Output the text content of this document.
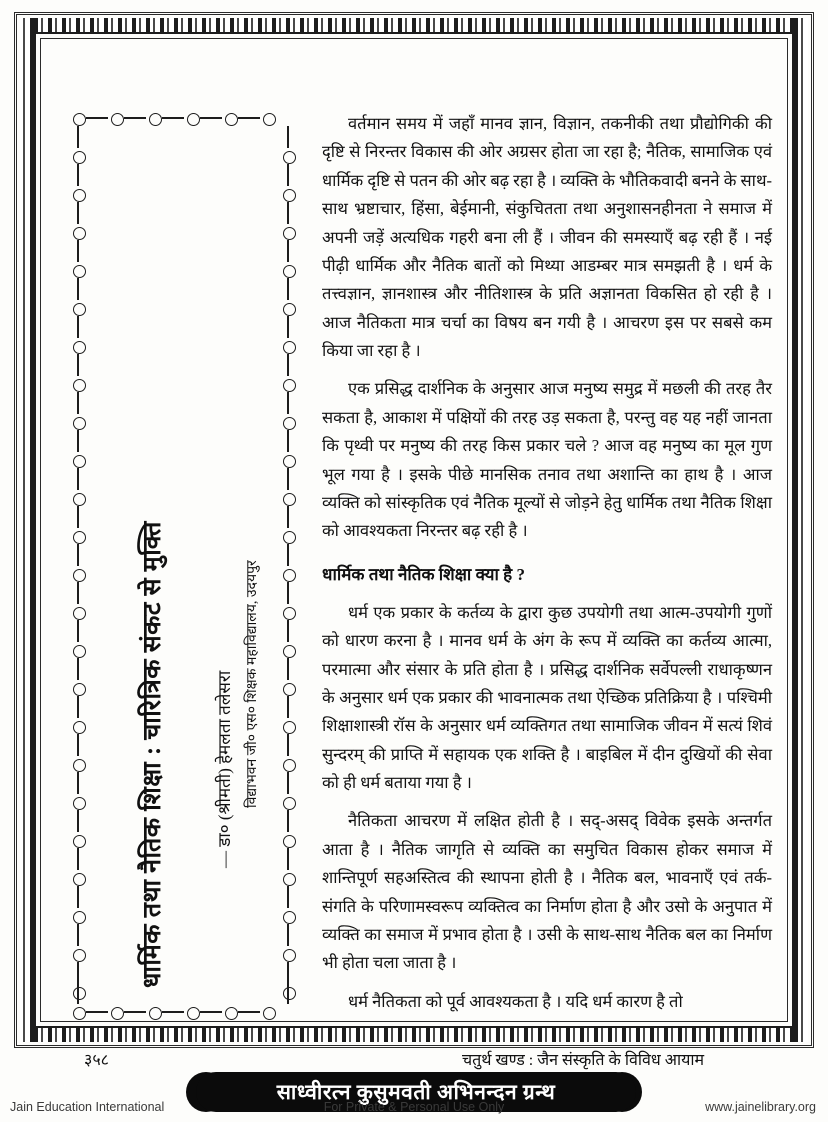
धार्मिक तथा नैतिक शिक्षा : चारित्रिक संकट से मुक्ति	— डा० (श्रीमती) हेमलता तलेसरा विद्याभवन जी० एस० शिक्षक महाविद्यालय, उदयपुर

वर्तमान समय में जहाँ मानव ज्ञान, विज्ञान, तकनीकी तथा प्रौद्योगिकी की दृष्टि से निरन्तर विकास की ओर अग्रसर होता जा रहा है; नैतिक, सामाजिक एवं धार्मिक दृष्टि से पतन की ओर बढ़ रहा है । व्यक्ति के भौतिकवादी बनने के साथ-साथ भ्रष्टाचार, हिंसा, बेईमानी, संकुचितता तथा अनुशासनहीनता ने समाज में अपनी जड़ें अत्यधिक गहरी बना ली हैं । जीवन की समस्याएँ बढ़ रही हैं । नई पीढ़ी धार्मिक और नैतिक बातों को मिथ्या आडम्बर मात्र समझती है । धर्म के तत्त्वज्ञान, ज्ञानशास्त्र और नीतिशास्त्र के प्रति अज्ञानता विकसित हो रही है । आज नैतिकता मात्र चर्चा का विषय बन गयी है । आचरण इस पर सबसे कम किया जा रहा है ।

एक प्रसिद्ध दार्शनिक के अनुसार आज मनुष्य समुद्र में मछली की तरह तैर सकता है, आकाश में पक्षियों की तरह उड़ सकता है, परन्तु वह यह नहीं जानता कि पृथ्वी पर मनुष्य की तरह किस प्रकार चले ? आज वह मनुष्य का मूल गुण भूल गया है । इसके पीछे मानसिक तनाव तथा अशान्ति का हाथ है । आज व्यक्ति को सांस्कृतिक एवं नैतिक मूल्यों से जोड़ने हेतु धार्मिक तथा नैतिक शिक्षा को आवश्यकता निरन्तर बढ़ रही है ।

धार्मिक तथा नैतिक शिक्षा क्या है ?

धर्म एक प्रकार के कर्तव्य के द्वारा कुछ उपयोगी तथा आत्म-उपयोगी गुणों को धारण करना है । मानव धर्म के अंग के रूप में व्यक्ति का कर्तव्य आत्मा, परमात्मा और संसार के प्रति होता है । प्रसिद्ध दार्शनिक सर्वेपल्ली राधाकृष्णन के अनुसार धर्म एक प्रकार की भावनात्मक तथा ऐच्छिक प्रतिक्रिया है । पश्चिमी शिक्षाशास्त्री रॉस के अनुसार धर्म व्यक्तिगत तथा सामाजिक जीवन में सत्यं शिवं सुन्दरम् की प्राप्ति में सहायक एक शक्ति है । बाइबिल में दीन दुखियों की सेवा को ही धर्म बताया गया है ।

नैतिकता आचरण में लक्षित होती है । सद्-असद् विवेक इसके अन्तर्गत आता है । नैतिक जागृति से व्यक्ति का समुचित विकास होकर समाज में शान्तिपूर्ण सहअस्तित्व की स्थापना होती है । नैतिक बल, भावनाएँ एवं तर्क-संगति के परिणामस्वरूप व्यक्तित्व का निर्माण होता है और उसो के अनुपात में व्यक्ति का समाज में प्रभाव होता है । उसी के साथ-साथ नैतिक बल का निर्माण भी होता चला जाता है ।

धर्म नैतिकता को पूर्व आवश्यकता है । यदि धर्म कारण है तो

३५८	चतुर्थ खण्ड : जैन संस्कृति के विविध आयाम
साध्वीरत्न कुसुमवती अभिनन्दन ग्रन्थ
Jain Education International	For Private & Personal Use Only	www.jainelibrary.org
